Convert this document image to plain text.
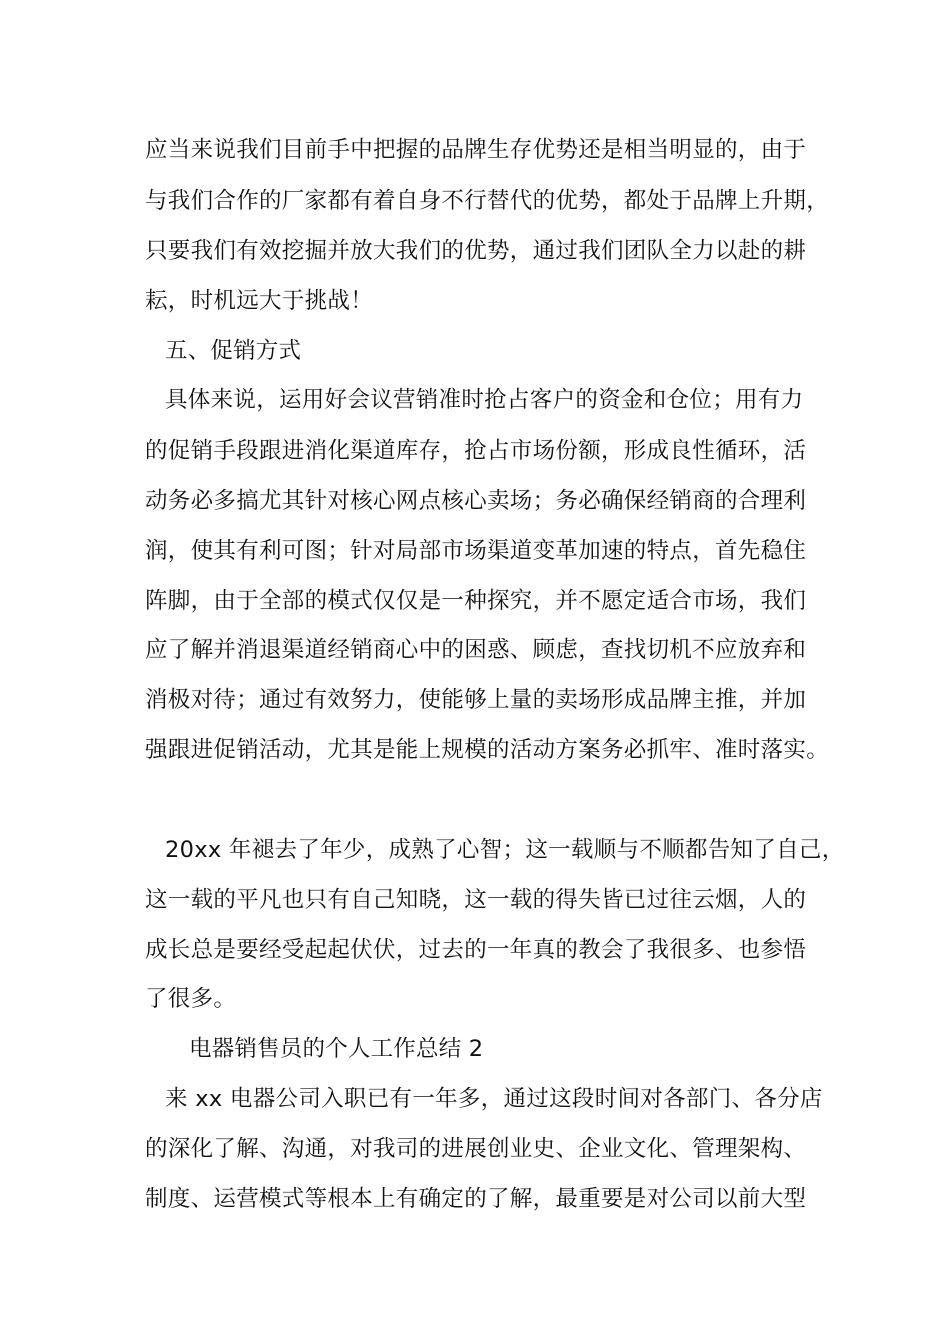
应当来说我们目前手中把握的品牌生存优势还是相当明显的，由于
与我们合作的厂家都有着自身不行替代的优势，都处于品牌上升期，
只要我们有效挖掘并放大我们的优势，通过我们团队全力以赴的耕
耘，时机远大于挑战！
五、促销方式
具体来说，运用好会议营销准时抢占客户的资金和仓位；用有力
的促销手段跟进消化渠道库存，抢占市场份额，形成良性循环，活
动务必多搞尤其针对核心网点核心卖场；务必确保经销商的合理利
润，使其有利可图；针对局部市场渠道变革加速的特点，首先稳住
阵脚，由于全部的模式仅仅是一种探究，并不愿定适合市场，我们
应了解并消退渠道经销商心中的困惑、顾虑，查找切机不应放弃和
消极对待；通过有效努力，使能够上量的卖场形成品牌主推，并加
强跟进促销活动，尤其是能上规模的活动方案务必抓牢、准时落实。
20xx 年褪去了年少，成熟了心智；这一载顺与不顺都告知了自己，
这一载的平凡也只有自己知晓，这一载的得失皆已过往云烟，人的
成长总是要经受起起伏伏，过去的一年真的教会了我很多、也参悟
了很多。
电器销售员的个人工作总结 2
来 xx 电器公司入职已有一年多，通过这段时间对各部门、各分店
的深化了解、沟通，对我司的进展创业史、企业文化、管理架构、
制度、运营模式等根本上有确定的了解，最重要是对公司以前大型
